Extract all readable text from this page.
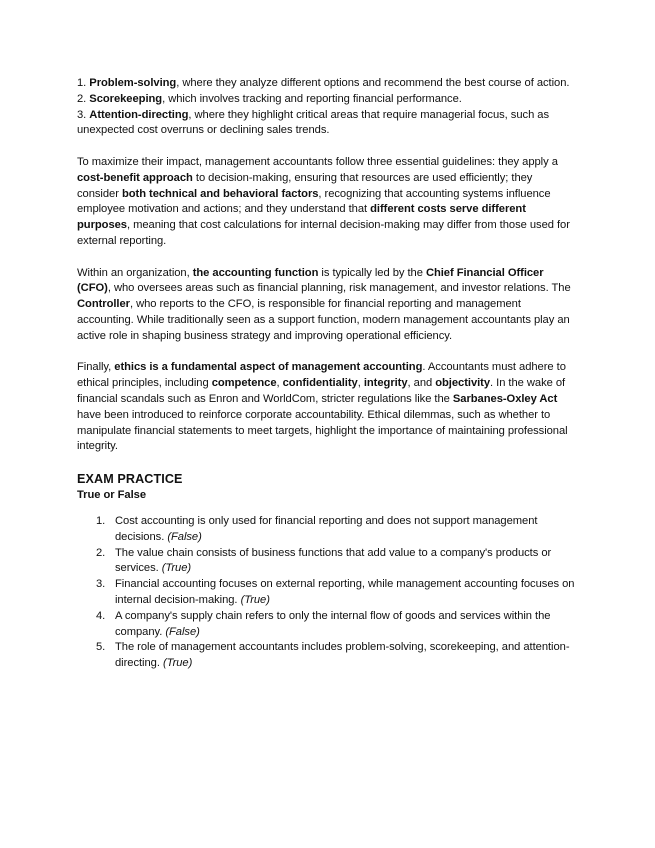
1. Problem-solving, where they analyze different options and recommend the best course of action.
2. Scorekeeping, which involves tracking and reporting financial performance.
3. Attention-directing, where they highlight critical areas that require managerial focus, such as unexpected cost overruns or declining sales trends.

To maximize their impact, management accountants follow three essential guidelines: they apply a cost-benefit approach to decision-making, ensuring that resources are used efficiently; they consider both technical and behavioral factors, recognizing that accounting systems influence employee motivation and actions; and they understand that different costs serve different purposes, meaning that cost calculations for internal decision-making may differ from those used for external reporting.

Within an organization, the accounting function is typically led by the Chief Financial Officer (CFO), who oversees areas such as financial planning, risk management, and investor relations. The Controller, who reports to the CFO, is responsible for financial reporting and management accounting. While traditionally seen as a support function, modern management accountants play an active role in shaping business strategy and improving operational efficiency.

Finally, ethics is a fundamental aspect of management accounting. Accountants must adhere to ethical principles, including competence, confidentiality, integrity, and objectivity. In the wake of financial scandals such as Enron and WorldCom, stricter regulations like the Sarbanes-Oxley Act have been introduced to reinforce corporate accountability. Ethical dilemmas, such as whether to manipulate financial statements to meet targets, highlight the importance of maintaining professional integrity.

EXAM PRACTICE
True or False
1. Cost accounting is only used for financial reporting and does not support management decisions. (False)
2. The value chain consists of business functions that add value to a company's products or services. (True)
3. Financial accounting focuses on external reporting, while management accounting focuses on internal decision-making. (True)
4. A company's supply chain refers to only the internal flow of goods and services within the company. (False)
5. The role of management accountants includes problem-solving, scorekeeping, and attention-directing. (True)
